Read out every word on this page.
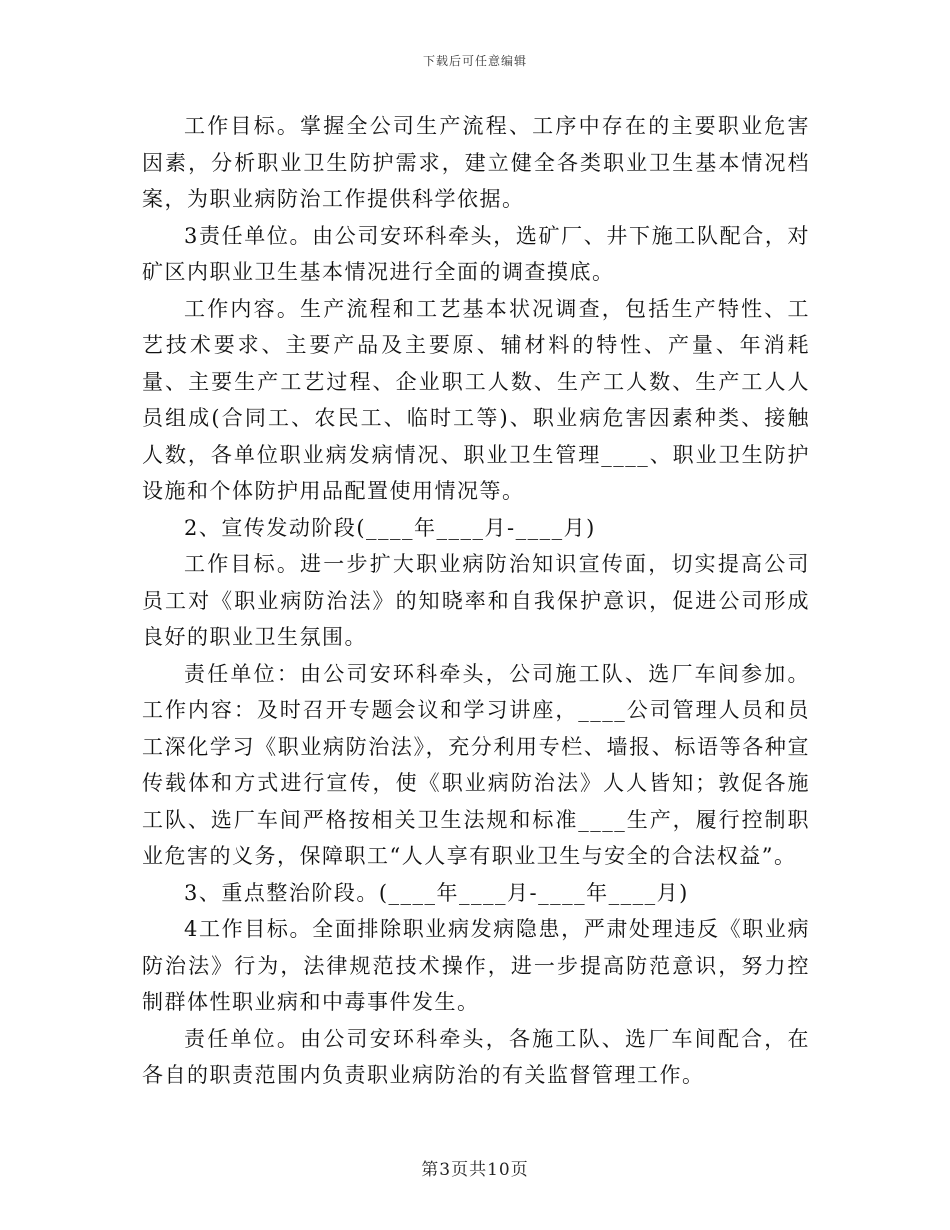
下载后可任意编辑

工作目标。掌握全公司生产流程、工序中存在的主要职业危害因素，分析职业卫生防护需求，建立健全各类职业卫生基本情况档案，为职业病防治工作提供科学依据。

3责任单位。由公司安环科牵头，选矿厂、井下施工队配合，对矿区内职业卫生基本情况进行全面的调查摸底。

工作内容。生产流程和工艺基本状况调查，包括生产特性、工艺技术要求、主要产品及主要原、辅材料的特性、产量、年消耗量、主要生产工艺过程、企业职工人数、生产工人数、生产工人人员组成(合同工、农民工、临时工等)、职业病危害因素种类、接触人数，各单位职业病发病情况、职业卫生管理____、职业卫生防护设施和个体防护用品配置使用情况等。

2、宣传发动阶段(____年____月-____月)

工作目标。进一步扩大职业病防治知识宣传面，切实提高公司员工对《职业病防治法》的知晓率和自我保护意识，促进公司形成良好的职业卫生氛围。

责任单位：由公司安环科牵头，公司施工队、选厂车间参加。工作内容：及时召开专题会议和学习讲座，____公司管理人员和员工深化学习《职业病防治法》，充分利用专栏、墙报、标语等各种宣传载体和方式进行宣传，使《职业病防治法》人人皆知；敦促各施工队、选厂车间严格按相关卫生法规和标准____生产，履行控制职业危害的义务，保障职工“人人享有职业卫生与安全的合法权益”。

3、重点整治阶段。(____年____月-____年____月)

4工作目标。全面排除职业病发病隐患，严肃处理违反《职业病防治法》行为，法律规范技术操作，进一步提高防范意识，努力控制群体性职业病和中毒事件发生。

责任单位。由公司安环科牵头，各施工队、选厂车间配合，在各自的职责范围内负责职业病防治的有关监督管理工作。

第3页共10页
